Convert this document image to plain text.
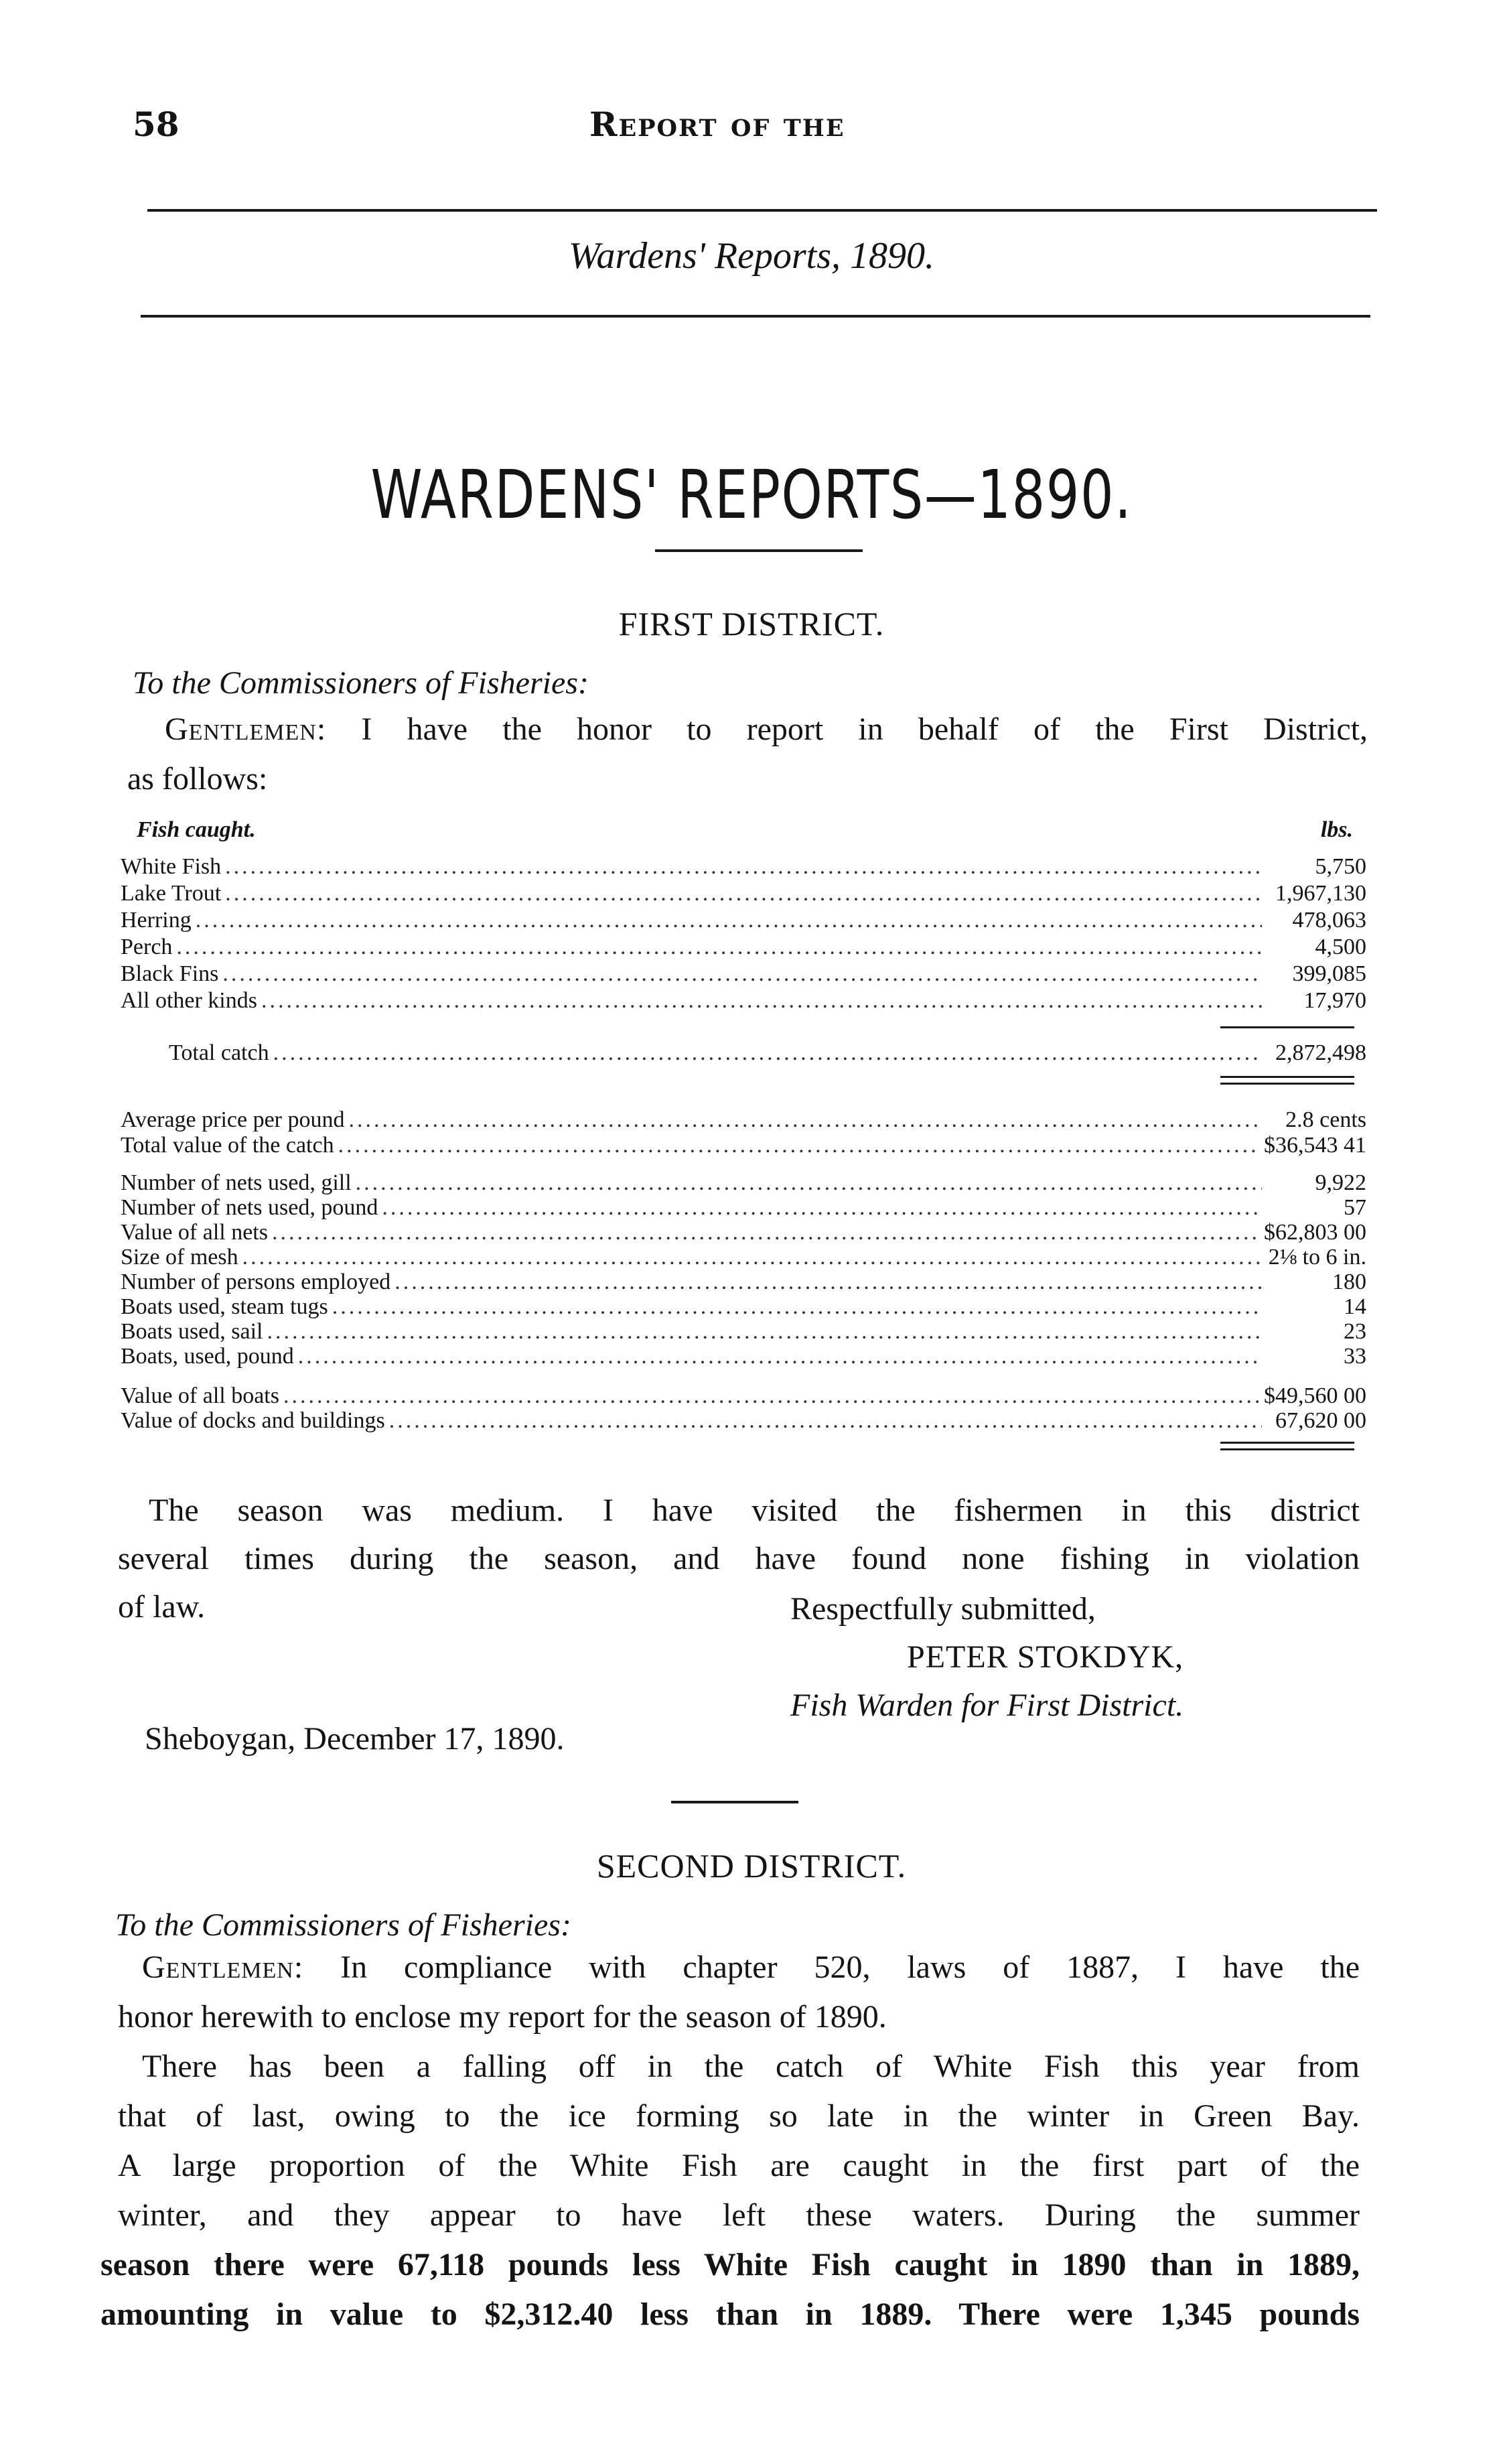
58	Report of the
Wardens' Reports, 1890.
WARDENS' REPORTS—1890.
FIRST DISTRICT.
To the Commissioners of Fisheries:
Gentlemen: I have the honor to report in behalf of the First District,
as follows:
Fish caught.	lbs.
White Fish .....	5,750
Lake Trout .....	1,967,130
Herring .....	478,063
Perch .....	4,500
Black Fins .....	399,085
All other kinds .....	17,970
Total catch .....	2,872,498
Average price per pound .....	2.8 cents
Total value of the catch .....	$36,543 41
Number of nets used, gill .....	9,922
Number of nets used, pound .....	57
Value of all nets .....	$62,803 00
Size of mesh .....	2⅛ to 6 in.
Number of persons employed .....	180
Boats used, steam tugs .....	14
Boats used, sail .....	23
Boats, used, pound .....	33
Value of all boats .....	$49,560 00
Value of docks and buildings .....	67,620 00
The season was medium. I have visited the fishermen in this district
several times during the season, and have found none fishing in violation
of law.	Respectfully submitted,
PETER STOKDYK,
Fish Warden for First District.
Sheboygan, December 17, 1890.
SECOND DISTRICT.
To the Commissioners of Fisheries:
Gentlemen: In compliance with chapter 520, laws of 1887, I have the
honor herewith to enclose my report for the season of 1890.
There has been a falling off in the catch of White Fish this year from
that of last, owing to the ice forming so late in the winter in Green Bay.
A large proportion of the White Fish are caught in the first part of the
winter, and they appear to have left these waters. During the summer
season there were 67,118 pounds less White Fish caught in 1890 than in 1889,
amounting in value to $2,312.40 less than in 1889. There were 1,345 pounds
